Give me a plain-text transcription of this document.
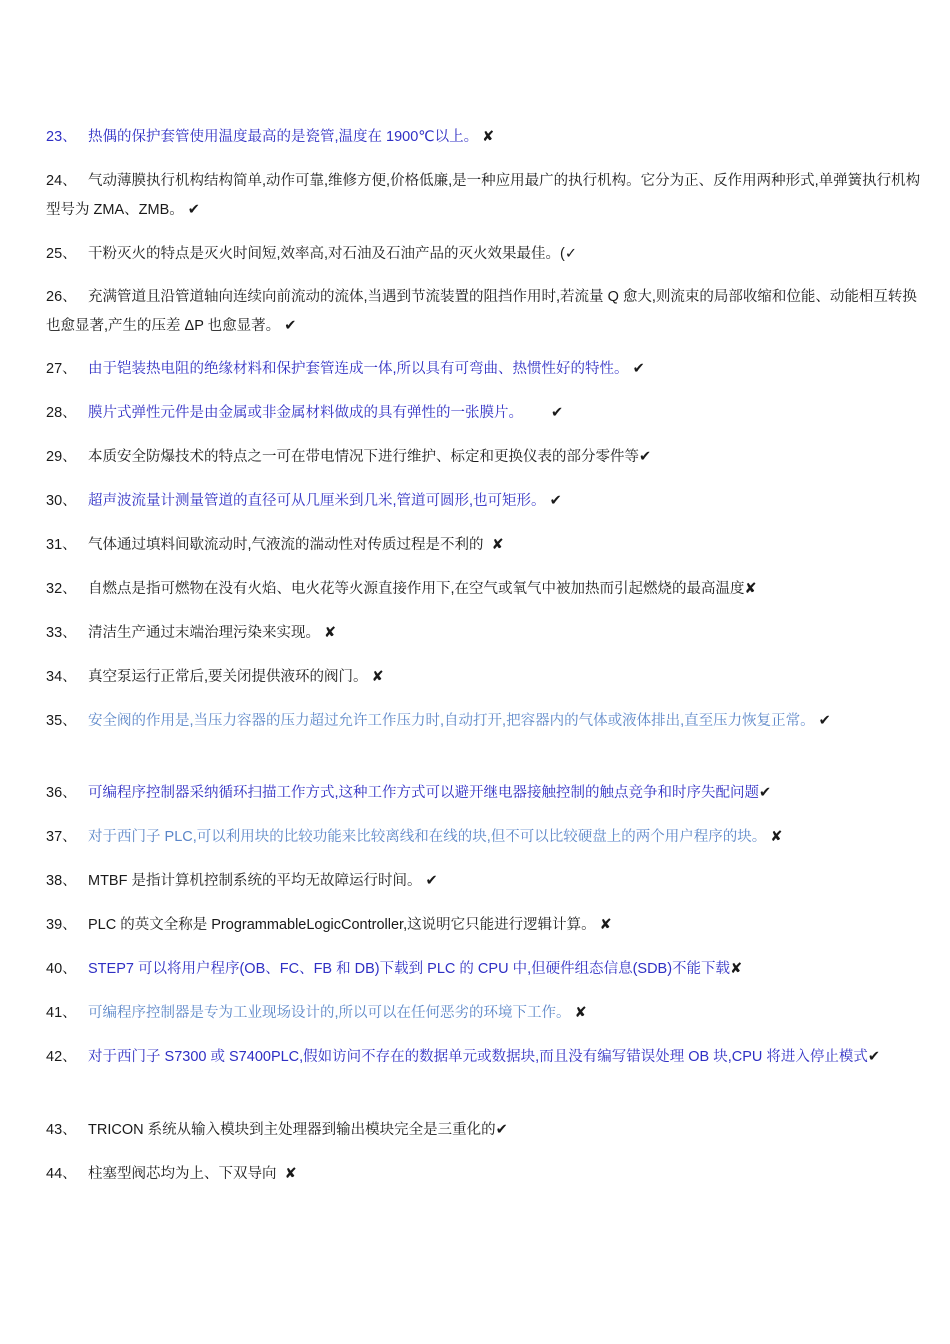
23、 热偶的保护套管使用温度最高的是瓷管,温度在 1900℃以上。 ✘
24、 气动薄膜执行机构结构简单,动作可靠,维修方便,价格低廉,是一种应用最广的执行机构。它分为正、反作用两种形式,单弹簧执行机构型号为 ZMA、ZMB。 ✔
25、 干粉灭火的特点是灭火时间短,效率高,对石油及石油产品的灭火效果最佳。(✓
26、 充满管道且沿管道轴向连续向前流动的流体,当遇到节流装置的阻挡作用时,若流量 Q 愈大,则流束的局部收缩和位能、动能相互转换也愈显著,产生的压差 ΔP 也愈显著。 ✔
27、 由于铠装热电阻的绝缘材料和保护套管连成一体,所以具有可弯曲、热惯性好的特性。 ✔
28、 膜片式弹性元件是由金属或非金属材料做成的具有弹性的一张膜片。 ✔
29、 本质安全防爆技术的特点之一可在带电情况下进行维护、标定和更换仪表的部分零件等✔
30、 超声波流量计测量管道的直径可从几厘米到几米,管道可圆形,也可矩形。 ✔
31、 气体通过填料间歇流动时,气液流的湍动性对传质过程是不利的 ✘
32、 自燃点是指可燃物在没有火焰、电火花等火源直接作用下,在空气或氧气中被加热而引起燃烧的最高温度✘
33、 清洁生产通过末端治理污染来实现。 ✘
34、 真空泵运行正常后,要关闭提供液环的阀门。 ✘
35、 安全阀的作用是,当压力容器的压力超过允许工作压力时,自动打开,把容器内的气体或液体排出,直至压力恢复正常。 ✔
36、 可编程序控制器采纳循环扫描工作方式,这种工作方式可以避开继电器接触控制的触点竞争和时序失配问题✔
37、 对于西门子 PLC,可以利用块的比较功能来比较离线和在线的块,但不可以比较硬盘上的两个用户程序的块。 ✘
38、 MTBF 是指计算机控制系统的平均无故障运行时间。 ✔
39、 PLC 的英文全称是 ProgrammableLogicController,这说明它只能进行逻辑计算。 ✘
40、 STEP7 可以将用户程序(OB、FC、FB 和 DB)下载到 PLC 的 CPU 中,但硬件组态信息(SDB)不能下载✘
41、 可编程序控制器是专为工业现场设计的,所以可以在任何恶劣的环境下工作。 ✘
42、 对于西门子 S7300 或 S7400PLC,假如访问不存在的数据单元或数据块,而且没有编写错误处理 OB 块,CPU 将进入停止模式✔
43、 TRICON 系统从输入模块到主处理器到输出模块完全是三重化的✔
44、 柱塞型阀芯均为上、下双导向 ✘
